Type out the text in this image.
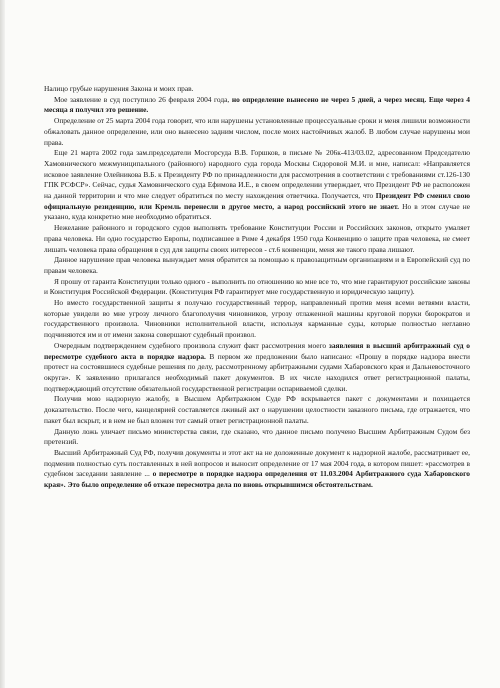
Налицо грубые нарушения Закона и моих прав.

Мое заявление в суд поступило 26 февраля 2004 года, но определение вынесено не через 5 дней, а через месяц. Еще через 4 месяца я получил это решение.

Определение от 25 марта 2004 года говорит, что или нарушены установленные процессуальные сроки и меня лишили возможности обжаловать данное определение, или оно вынесено задним числом, после моих настойчивых жалоб. В любом случае нарушены мои права.

Еще 21 марта 2002 года зам.председатели Мосгорсуда В.В. Горшков, в письме № 206к-413/03.02, адресованном Председателю Хамовнического межмуниципального (районного) народного суда города Москвы Сидоровой М.И. и мне, написал: «Направляется исковое заявление Олейникова В.Б. к Президенту РФ по принадлежности для рассмотрения в соответствии с требованиями ст.126-130 ГПК РСФСР». Сейчас, судья Хамовнического суда Ефимова И.Е., в своем определении утверждает, что Президент РФ не расположен на данной территории и что мне следует обратиться по месту нахождения ответчика. Получается, что Президент РФ сменил свою официальную резиденцию, или Кремль перенесли в другое место, а народ российский этого не знает. Но в этом случае не указано, куда конкретно мне необходимо обратиться.

Нежелание районного и городского судов выполнять требование Конституции России и Российских законов, открыто умаляет права человека. Ни одно государство Европы, подписавшее в Риме 4 декабря 1950 года Конвенцию о защите прав человека, не смеет лишать человека права обращения в суд для защиты своих интересов - ст.6 конвенции, меня же такого права лишают.

Данное нарушение прав человека вынуждает меня обратится за помощью к правозащитным организациям и в Европейский суд по правам человека.

Я прошу от гаранта Конституции только одного - выполнить по отношению ко мне все то, что мне гарантируют российские законы и Конституция Российской Федерации. (Конституция РФ гарантирует мне государственную и юридическую защиту).

Но вместо государственной защиты я получаю государственный террор, направленный против меня всеми ветвями власти, которые увидели во мне угрозу личного благополучия чиновников, угрозу отлаженной машины круговой поруки бюрократов и государственного произвола. Чиновники исполнительной власти, используя карманные суды, которые полностью неглавно подчиняются им и от имени закона совершают судебный произвол.

Очередным подтверждением судебного произвола служит факт рассмотрения моего заявления в высший арбитражный суд о пересмотре судебного акта в порядке надзора. В первом же предложении было написано: «Прошу в порядке надзора внести протест на состоявшиеся судебные решения по делу, рассмотренному арбитражными судами Хабаровского края и Дальневосточного округа». К заявлению прилагался необходимый пакет документов. В их числе находился ответ регистрационной палаты, подтверждающий отсутствие обязательной государственной регистрации оспариваемой сделки.

Получив мою надзорную жалобу, в Высшем Арбитражном Суде РФ вскрывается пакет с документами и похищается доказательство. После чего, канцелярией составляется лживый акт о нарушении целостности заказного письма, где отражается, что пакет был вскрыт, и в нем не был вложен тот самый ответ регистрационной палаты.

Данную ложь уличает письмо министерства связи, где сказано, что данное письмо получено Высшим Арбитражным Судом без претензий.

Высший Арбитражный Суд РФ, получив документы и этот акт на не доложенные документ к надзорной жалобе, рассматривает ее, подменив полностью суть поставленных в ней вопросов и выносит определение от 17 мая 2004 года, в котором пишет: «рассмотрев в судебном заседании заявление ... о пересмотре в порядке надзора определения от 11.03.2004 Арбитражного суда Хабаровского края». Это было определение об отказе пересмотра дела по вновь открывшимся обстоятельствам.
